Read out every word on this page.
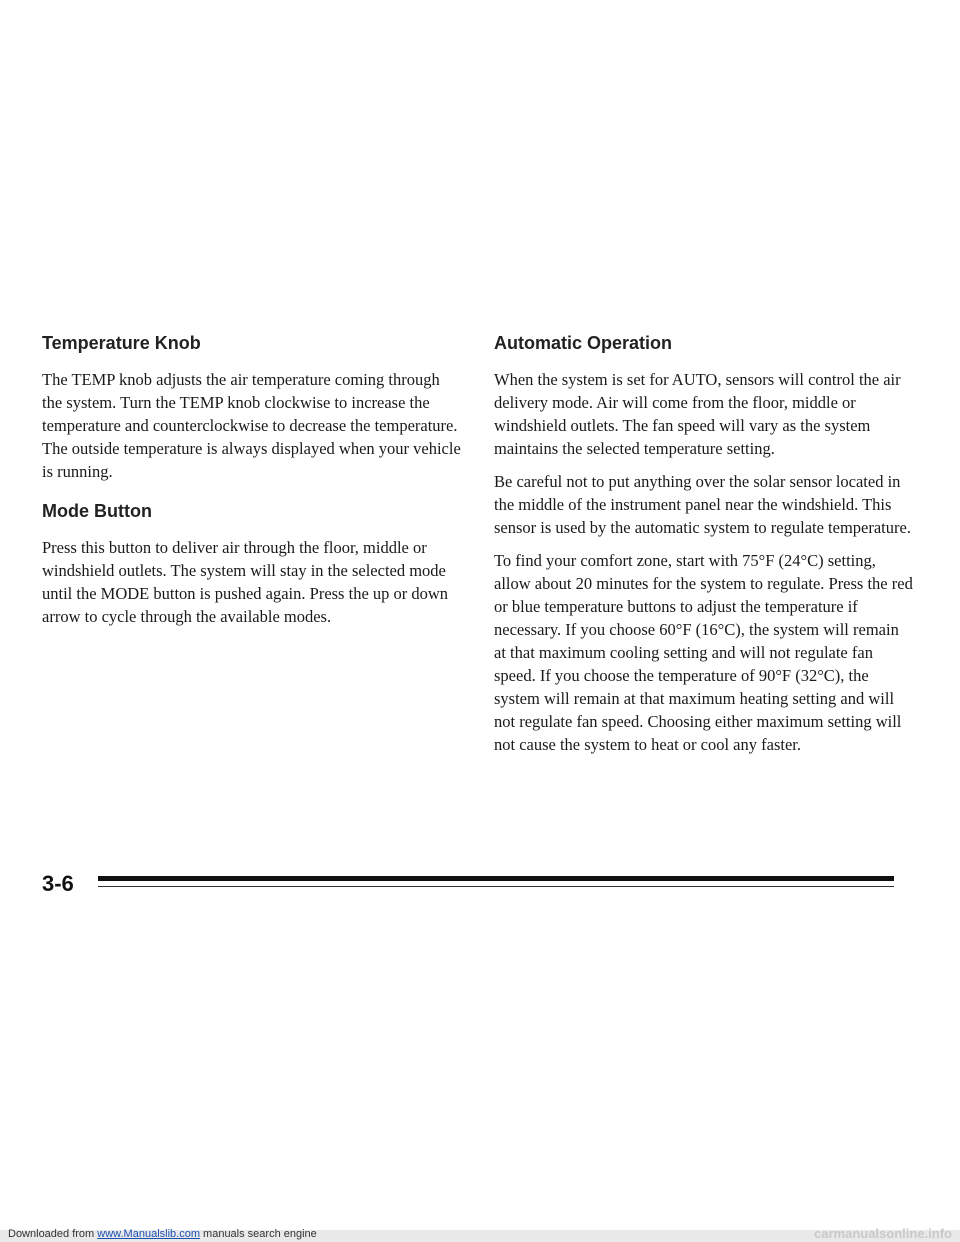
Temperature Knob

The TEMP knob adjusts the air temperature coming through the system. Turn the TEMP knob clockwise to increase the temperature and counterclockwise to decrease the temperature. The outside temperature is always displayed when your vehicle is running.

Mode Button

Press this button to deliver air through the floor, middle or windshield outlets. The system will stay in the selected mode until the MODE button is pushed again. Press the up or down arrow to cycle through the available modes.

Automatic Operation

When the system is set for AUTO, sensors will control the air delivery mode. Air will come from the floor, middle or windshield outlets. The fan speed will vary as the system maintains the selected temperature setting.

Be careful not to put anything over the solar sensor located in the middle of the instrument panel near the windshield. This sensor is used by the automatic system to regulate temperature.

To find your comfort zone, start with 75°F (24°C) setting, allow about 20 minutes for the system to regulate. Press the red or blue temperature buttons to adjust the temperature if necessary. If you choose 60°F (16°C), the system will remain at that maximum cooling setting and will not regulate fan speed. If you choose the temperature of 90°F (32°C), the system will remain at that maximum heating setting and will not regulate fan speed. Choosing either maximum setting will not cause the system to heat or cool any faster.

3-6
Downloaded from www.Manualslib.com manuals search engine	carmanualsonline.info
